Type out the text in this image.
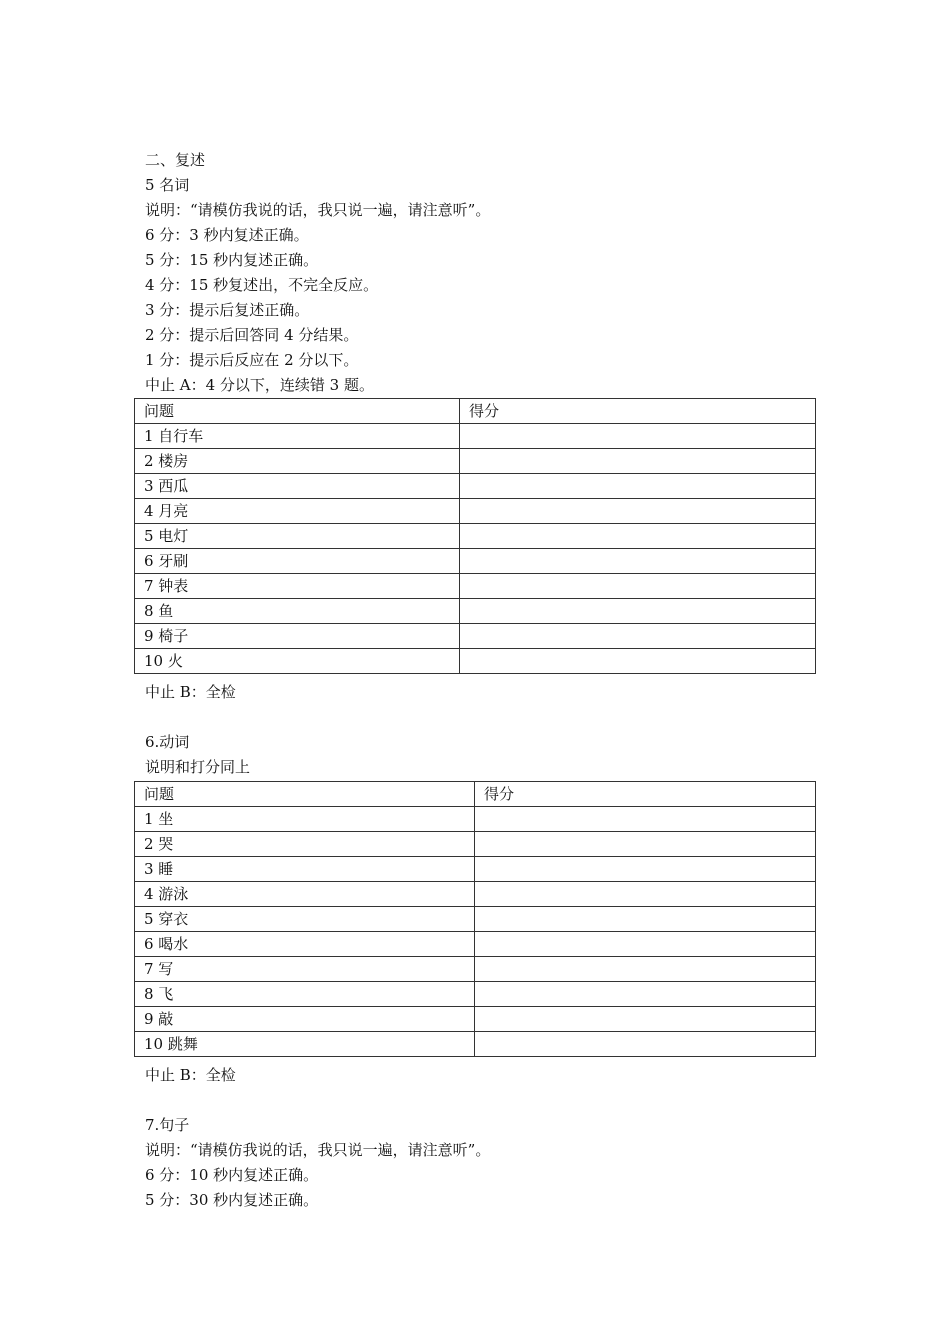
二、复述
5 名词
说明：“请模仿我说的话，我只说一遍，请注意听”。
6 分：3 秒内复述正确。
5 分：15 秒内复述正确。
4 分：15 秒复述出，不完全反应。
3 分：提示后复述正确。
2 分：提示后回答同 4 分结果。
1 分：提示后反应在 2 分以下。
中止 A：4 分以下，连续错 3 题。
问题	得分
1 自行车	
2 楼房	
3 西瓜	
4 月亮	
5 电灯	
6 牙刷	
7 钟表	
8 鱼	
9 椅子	
10 火	
中止 B：全检
6.动词
说明和打分同上
问题	得分
1 坐	
2 哭	
3 睡	
4 游泳	
5 穿衣	
6 喝水	
7 写	
8 飞	
9 敲	
10 跳舞	
中止 B：全检
7.句子
说明：“请模仿我说的话，我只说一遍，请注意听”。
6 分：10 秒内复述正确。
5 分：30 秒内复述正确。
